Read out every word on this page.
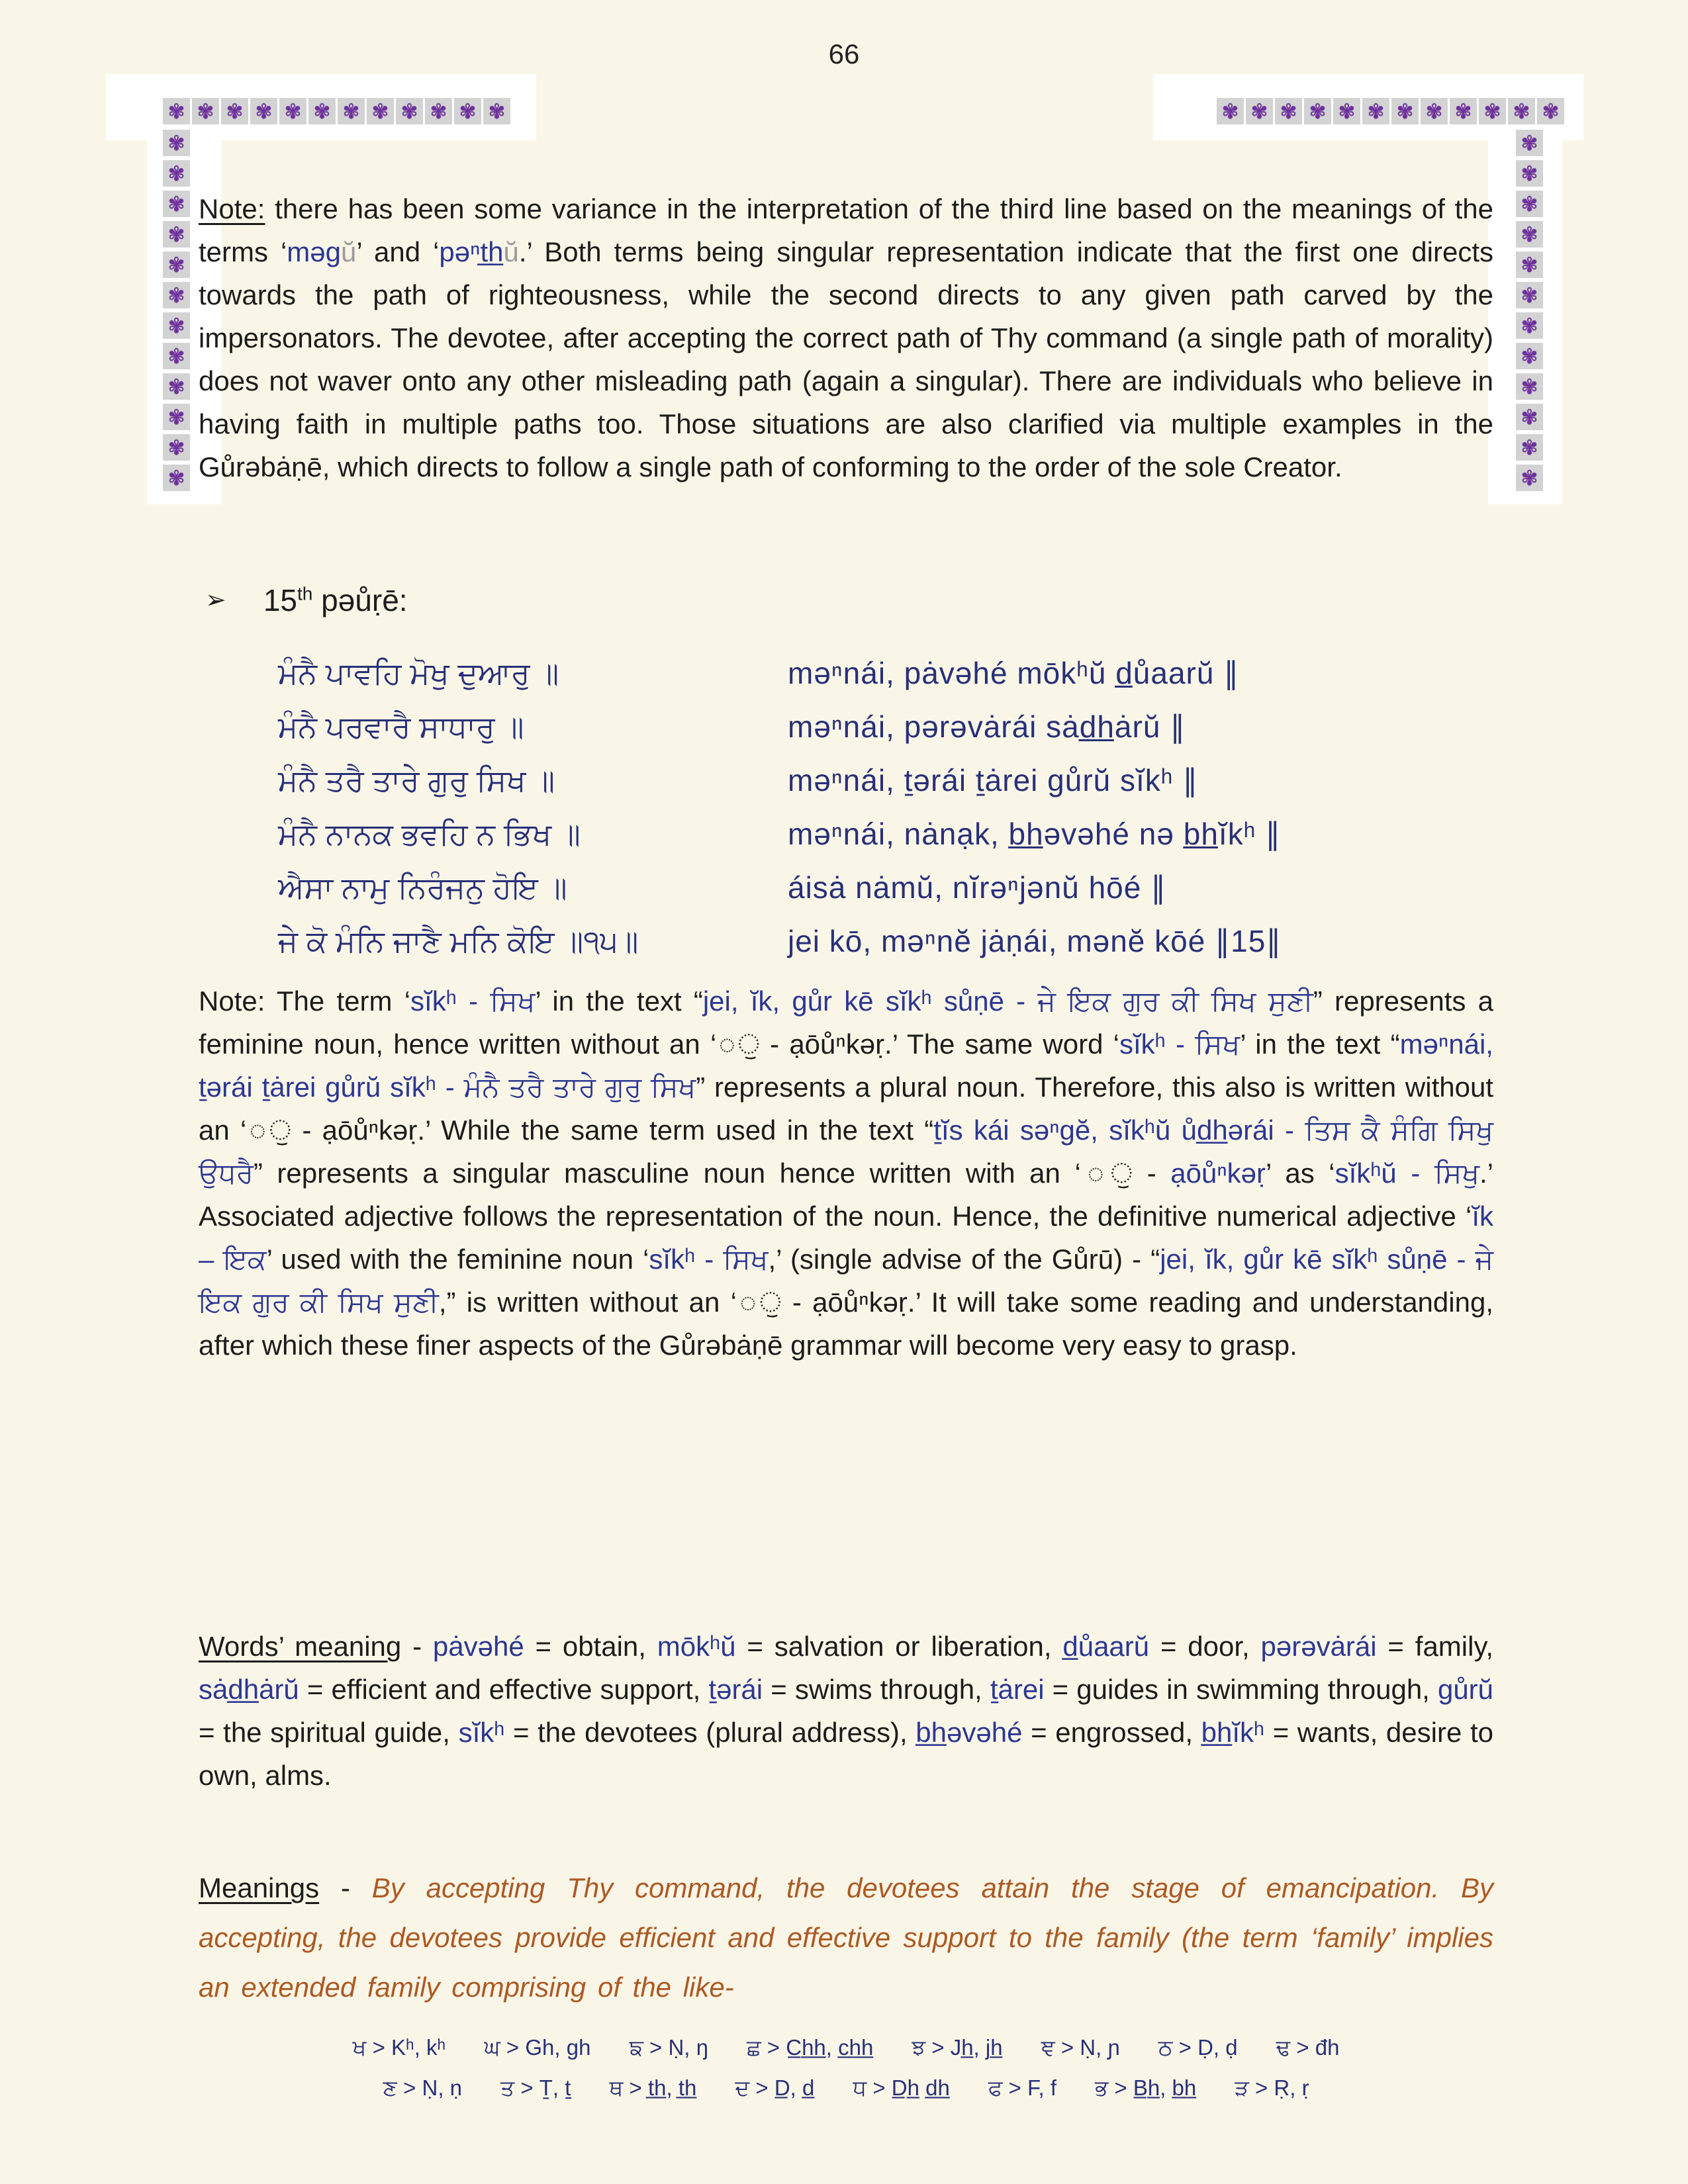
66
✾ ✾ ✾ ✾ ✾ ✾ ✾ ✾ ✾ ✾ ✾ ✾	✾ ✾ ✾ ✾ ✾ ✾ ✾ ✾ ✾ ✾ ✾ ✾
✾
✾
✾
✾
✾
✾
✾
✾
✾
✾
✾
✾
✾
✾
✾
✾
✾
✾
✾
✾
✾
✾
✾
✾
Note: there has been some variance in the interpretation of the third line based on the meanings of the terms ‘məgŭ’ and ‘pəⁿt̲h̲ŭ.’ Both terms being singular representation indicate that the first one directs towards the path of righteousness, while the second directs to any given path carved by the impersonators. The devotee, after accepting the correct path of Thy command (a single path of morality) does not waver onto any other misleading path (again a singular). There are individuals who believe in having faith in multiple paths too. Those situations are also clarified via multiple examples in the Gůrəbȧṇē, which directs to follow a single path of conforming to the order of the sole Creator.
➢ 15th pəůṛē:
ਮੰਨੈ ਪਾਵਹਿ ਮੋਖੁ ਦੁਆਰੁ ॥	məⁿnái, pȧvəhé mōkʰŭ d̲ůaarŭ ∥
ਮੰਨੈ ਪਰਵਾਰੈ ਸਾਧਾਰੁ ॥	məⁿnái, pərəvȧrái sȧd̲h̲ȧrŭ ∥
ਮੰਨੈ ਤਰੈ ਤਾਰੇ ਗੁਰੁ ਸਿਖ ॥	məⁿnái, ṯərái ṯȧrei gůrŭ sĭkʰ ∥
ਮੰਨੈ ਨਾਨਕ ਭਵਹਿ ਨ ਭਿਖ ॥	məⁿnái, nȧnạk, b̲h̲əvəhé nə b̲h̲ĭkʰ ∥
ਐਸਾ ਨਾਮੁ ਨਿਰੰਜਨੁ ਹੋਇ ॥	áisȧ nȧmŭ, nĭrəⁿjənŭ hōé ∥
ਜੇ ਕੋ ਮੰਨਿ ਜਾਣੈ ਮਨਿ ਕੋਇ ॥੧੫॥	jei kō, məⁿnĕ jȧṇái, mənĕ kōé ∥15∥
Note: The term ‘sĭkʰ - ਸਿਖ’ in the text “jei, ĭk, gůr kē sĭkʰ sůṇē - ਜੇ ਇਕ ਗੁਰ ਕੀ ਸਿਖ ਸੁਣੀ” represents a feminine noun, hence written without an ‘◌ੁ - ạōůⁿkəṛ.’ The same word ‘sĭkʰ - ਸਿਖ’ in the text “məⁿnái, ṯərái ṯȧrei gůrŭ sĭkʰ - ਮੰਨੈ ਤਰੈ ਤਾਰੇ ਗੁਰੁ ਸਿਖ” represents a plural noun. Therefore, this also is written without an ‘◌ੁ - ạōůⁿkəṛ.’ While the same term used in the text “ṯĭs kái səⁿgĕ, sĭkʰŭ ůd̲h̲ərái - ਤਿਸ ਕੈ ਸੰਗਿ ਸਿਖੁ ਉਧਰੈ” represents a singular masculine noun hence written with an ‘◌ੁ - ạōůⁿkəṛ’ as ‘sĭkʰŭ - ਸਿਖੁ.’ Associated adjective follows the representation of the noun. Hence, the definitive numerical adjective ‘ĭk – ਇਕ’ used with the feminine noun ‘sĭkʰ - ਸਿਖ,’ (single advise of the Gůrū) - “jei, ĭk, gůr kē sĭkʰ sůṇē - ਜੇ ਇਕ ਗੁਰ ਕੀ ਸਿਖ ਸੁਣੀ,” is written without an ‘◌ੁ - ạōůⁿkəṛ.’ It will take some reading and understanding, after which these finer aspects of the Gůrəbȧṇē grammar will become very easy to grasp.
Words’ meaning - pȧvəhé = obtain, mōkʰŭ = salvation or liberation, d̲ůaarŭ = door, pərəvȧrái = family, sȧd̲h̲ȧrŭ = efficient and effective support, ṯərái = swims through, ṯȧrei = guides in swimming through, gůrŭ = the spiritual guide, sĭkʰ = the devotees (plural address), b̲h̲əvəhé = engrossed, b̲h̲ĭkʰ = wants, desire to own, alms.
Meanings - By accepting Thy command, the devotees attain the stage of emancipation. By accepting, the devotees provide efficient and effective support to the family (the term ‘family’ implies an extended family comprising of the like-
ਖ > Kʰ, kʰ ਘ > Gh, gh ਙ > Ṇ, ŋ ਛ > C̲h̲h̲, c̲h̲h̲ ਝ > Jh̲, jh̲ ਞ > Ṇ, ɲ ਠ > Ḍ, ḍ ਢ > đh
ਣ > Ṇ, ṇ ਤ > Ṯ, ṯ ਥ > t̲h̲, t̲h̲ ਦ > D̲, d̲ ਧ > D̲h̲ d̲h̲ ਫ > F, f ਭ > B̲h̲, b̲h̲ ੜ > Ṛ, ṛ
